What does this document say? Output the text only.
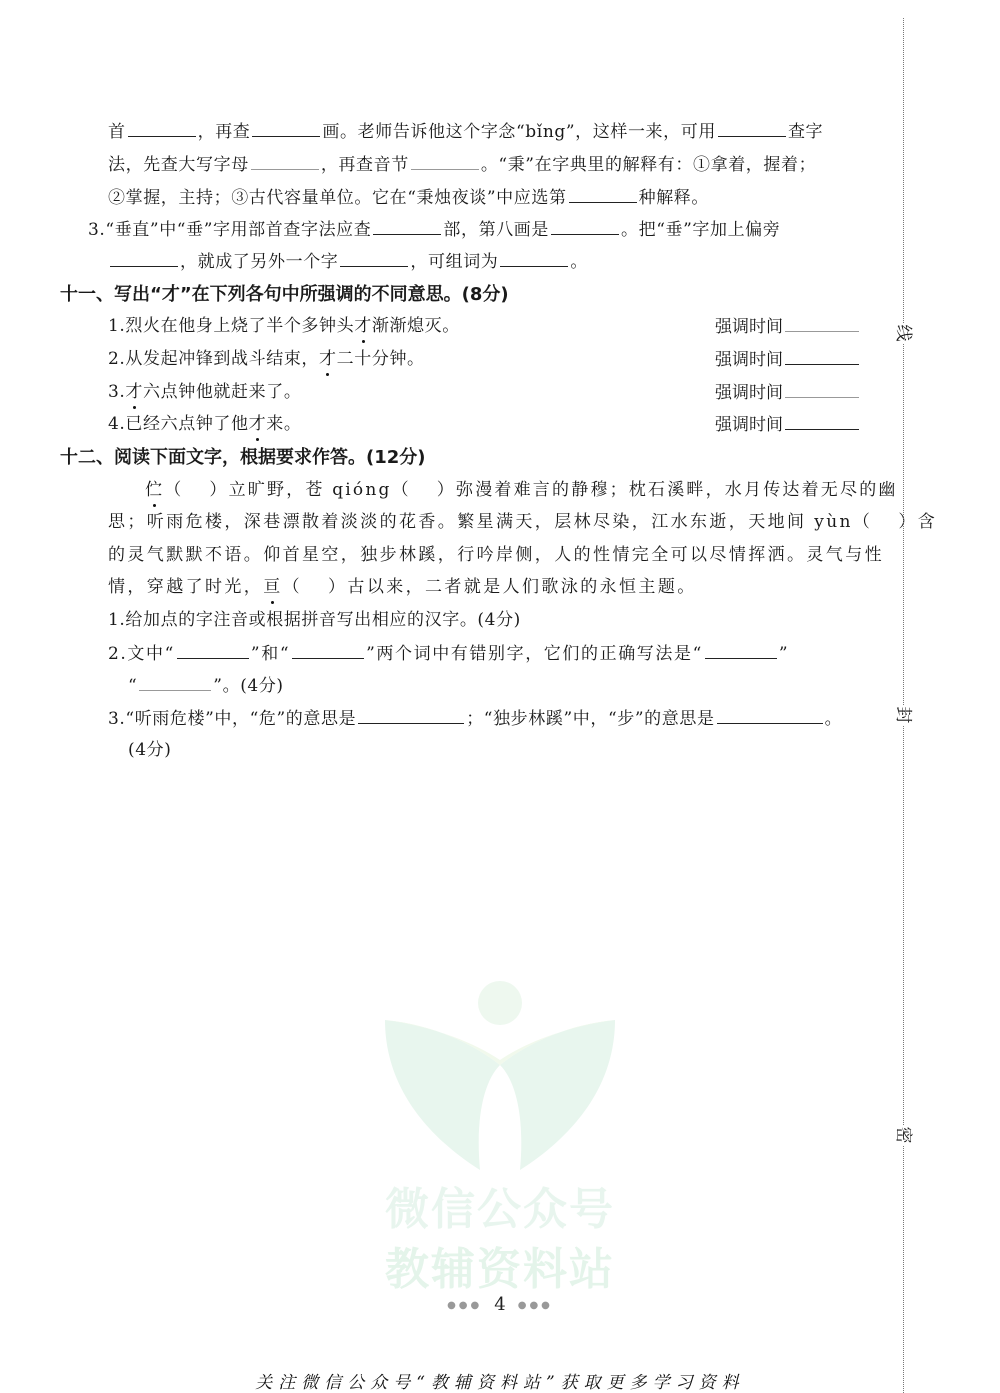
首	，再查	画。老师告诉他这个字念“bǐng”，这样一来，可用	查字
法，先查大写字母	，再查音节	。“秉”在字典里的解释有：①拿着，握着；
②掌握，主持；③古代容量单位。它在“秉烛夜谈”中应选第	种解释。
3.“垂直”中“垂”字用部首查字法应查	部，第八画是	。把“垂”字加上偏旁
，就成了另外一个字	，可组词为	。
十一、写出“才”在下列各句中所强调的不同意思。(8分)
1.烈火在他身上烧了半个多钟头才渐渐熄灭。	强调时间
2.从发起冲锋到战斗结束，才二十分钟。	强调时间
3.才六点钟他就赶来了。	强调时间
4.已经六点钟了他才来。	强调时间
十二、阅读下面文字，根据要求作答。(12分)
伫（ ）立旷野，苍 qióng（ ）弥漫着难言的静穆；枕石溪畔，水月传达着无尽的幽
思；听雨危楼，深巷漂散着淡淡的花香。繁星满天，层林尽染，江水东逝，天地间 yùn（ ）含
的灵气默默不语。仰首星空，独步林蹊，行吟岸侧，人的性情完全可以尽情挥洒。灵气与性
情，穿越了时光，亘（ ）古以来，二者就是人们歌泳的永恒主题。
1.给加点的字注音或根据拼音写出相应的汉字。(4分)
2.文中“	”和“	”两个词中有错别字，它们的正确写法是“	”
“	”。(4分)
3.“听雨危楼”中，“危”的意思是	；“独步林蹊”中，“步”的意思是	。
(4分)
线
封
密
微信公众号
教辅资料站
●●● 4 ●●●
关注微信公众号“教辅资料站”获取更多学习资料
